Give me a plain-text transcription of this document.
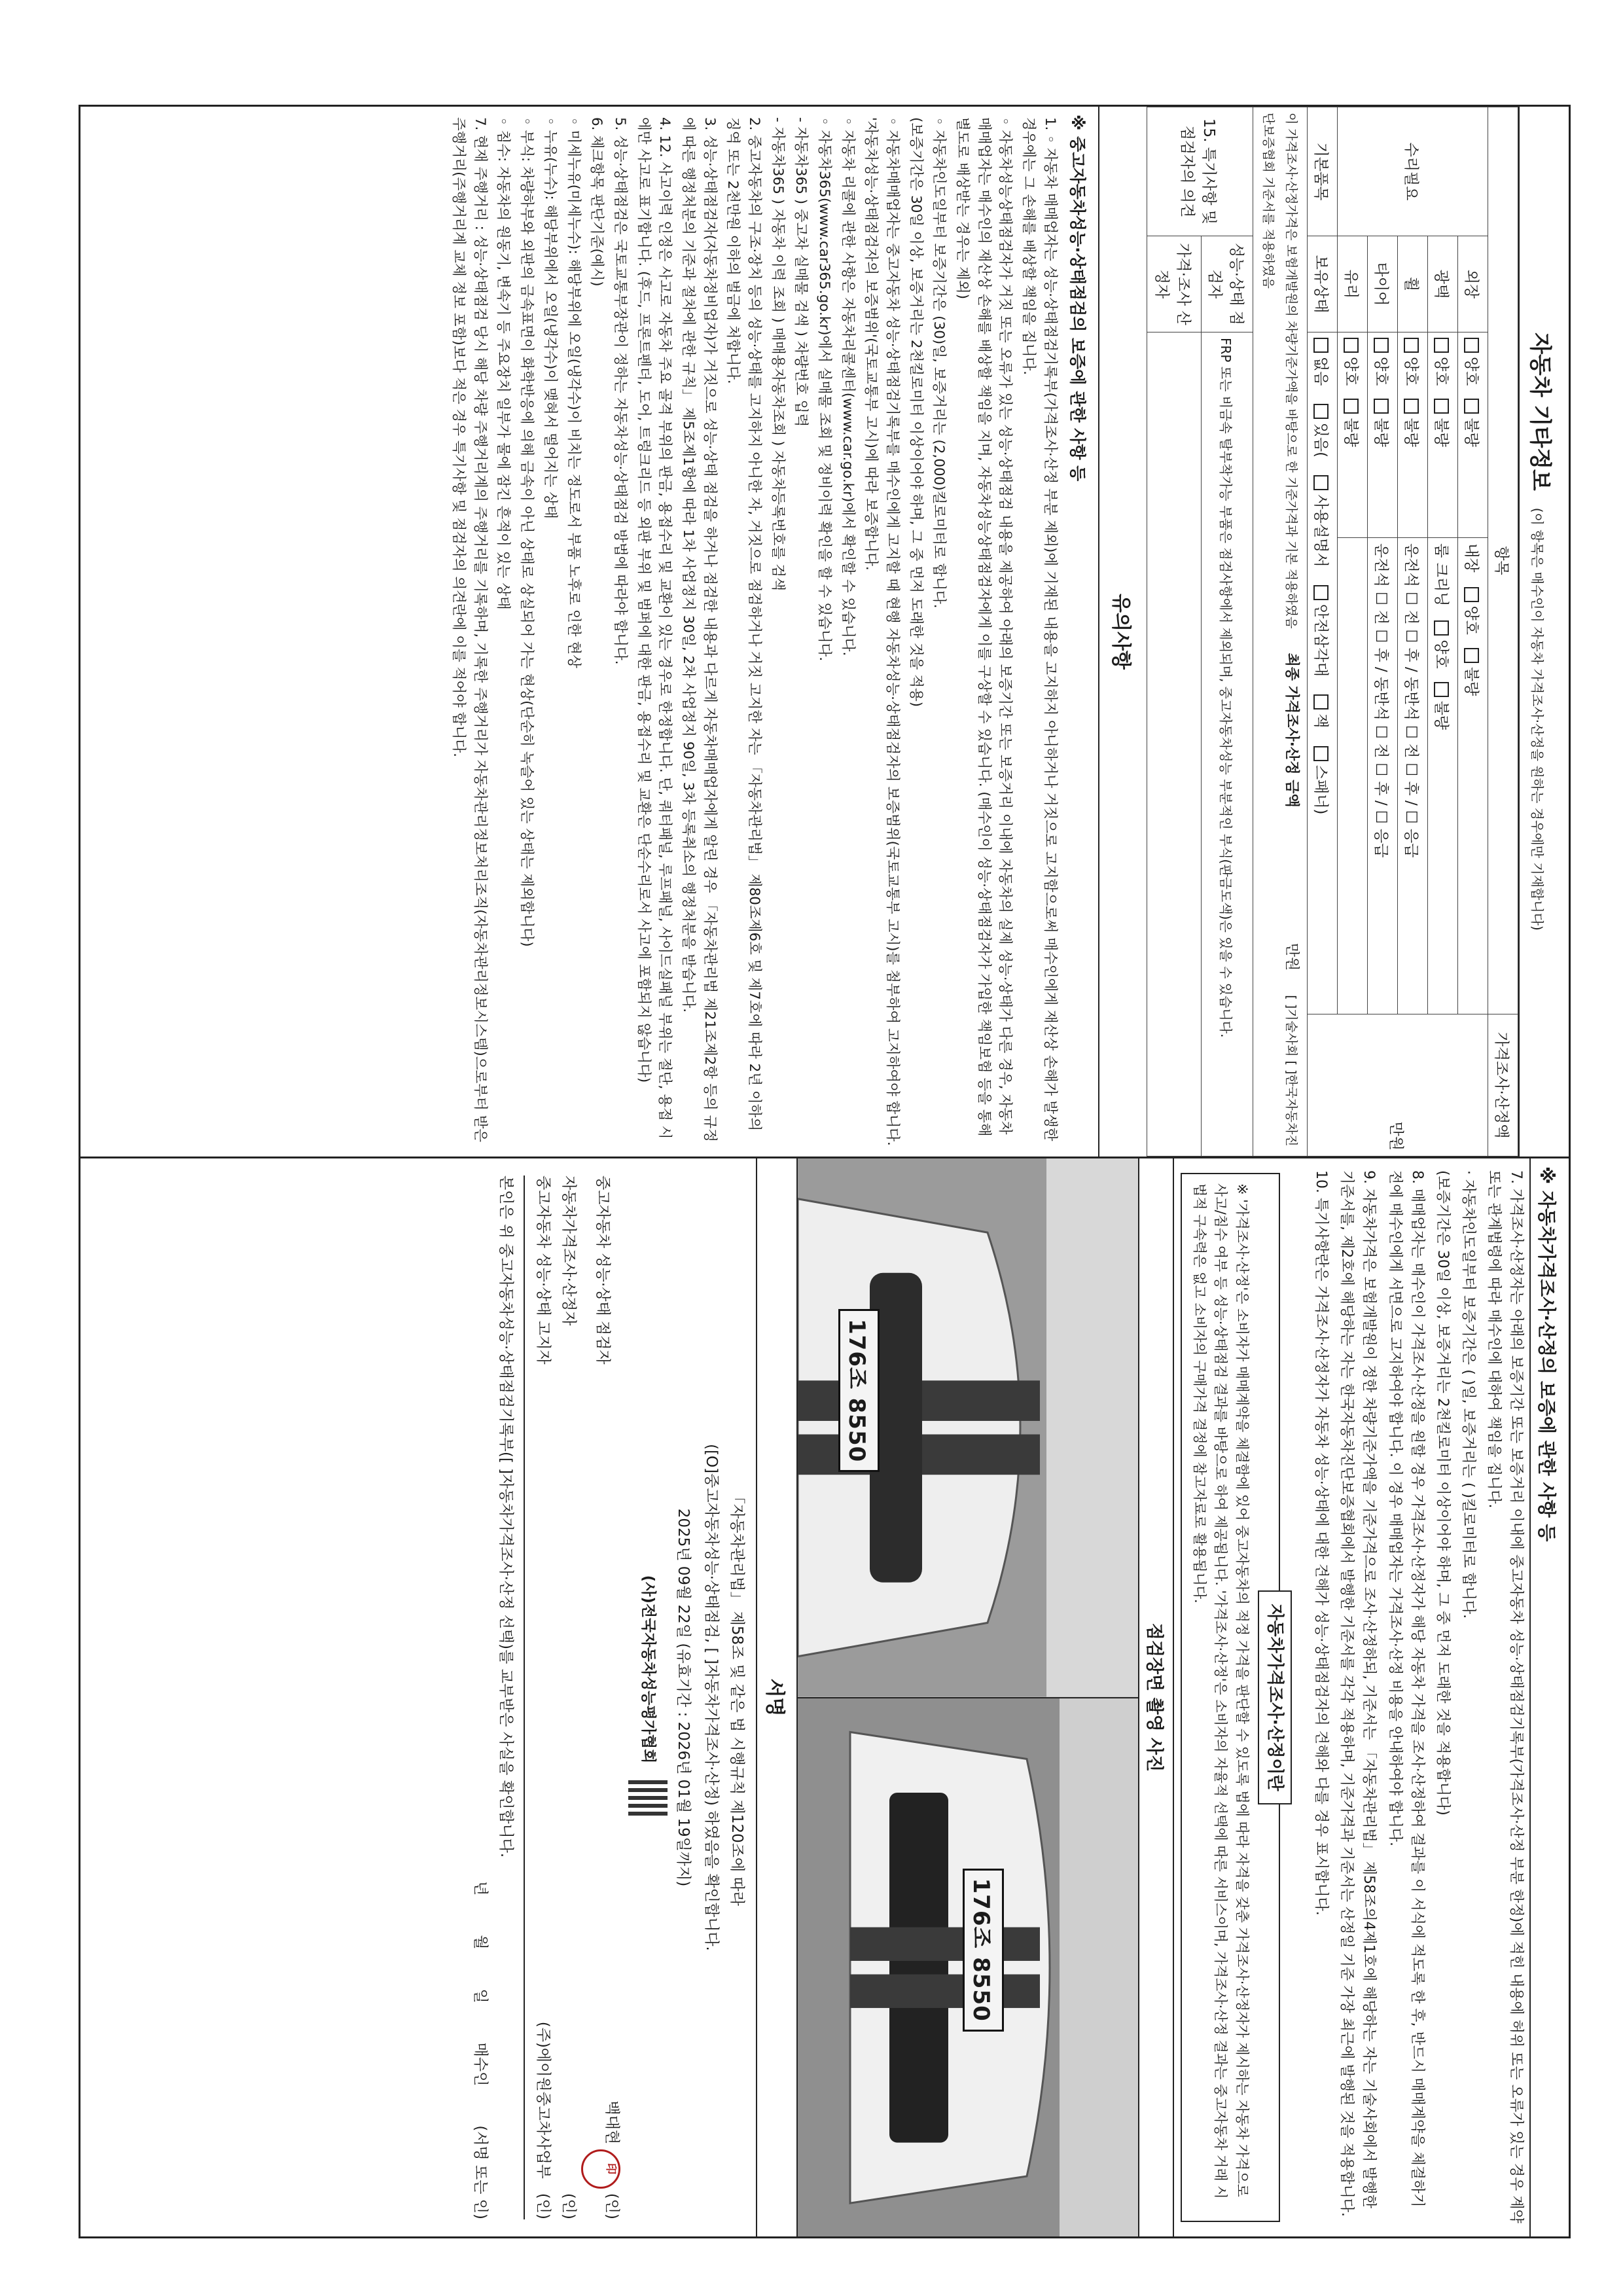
자동차 기타정보 (이 항목은 매수인이 자동차 가격조사·산정을 원하는 경우에만 기재합니다)
항목				가격조사·산정액
수리필요	외장	양호불량	내장   양호불량	만원
	광택	양호불량	룸 크리닝   양호불량	
	휠	양호불량	운전석 ☐ 전 ☐ 후 / 동반석 ☐ 전 ☐ 후 / ☐ 응급	
	타이어	양호불량	운전석 ☐ 전 ☐ 후 / 동반석 ☐ 전 ☐ 후 / ☐ 응급	
	유리	양호불량		
기본품목	보유상태	없음 있음( 사용설명서 안전삼각대 잭 스패너)		
이 가격조사·산정가격은 보험개발원의 차량기준가액을 바탕으로 한 기준가격과 기본 적용하였음 최종 가격조사·산정 금액 만원 [ ]기술사회 [ ]한국자동차진단보증협회 기준서를 적용하였음				
15. 특기사항 및 점검자의 의견	성능·상태 점검자	FRP 또는 비금속 탈부착가능 부품은 점검사항에서 제외되며, 중고자동차성능 부분적인 부식(판금도색)은 있을 수 있습니다.		
	가격·조사 산정자			
유의사항
※ 중고자동차성능·상태점검의 보증에 관한 사항 등

1. ◦ 자동차 매매업자는 성능·상태점검기록부(가격조사·산정 부분 제외)에 기재된 내용을 고지하지 아니하거나 거짓으로 고지함으로써 매수인에게 재산상 손해가 발생한 경우에는 그 손해를 배상할 책임을 집니다.

◦ 자동차성능상태점검자가 거짓 또는 오류가 있는 성능·상태점검 내용을 제공하여 아래의 보증기간 또는 보증거리 이내에 자동차의 실제 성능·상태가 다른 경우, 자동차매매업자는 매수인의 재산상 손해를 배상할 책임을 지며, 자동차성능상태점검자에게 이를 구상할 수 있습니다. (매수인이 성능·상태점검자가 가입한 책임보험 등을 통해 별도로 배상받는 경우는 제외)

◦ 자동차인도일부터 보증기간은 (30)일, 보증거리는 (2,000)킬로미터로 합니다.

(보증기간은 30일 이상, 보증거리는 2천킬로미터 이상이어야 하며, 그 중 먼저 도래한 것을 적용)

◦ 자동차매매업자는 중고자동차 성능·상태점검기록부를 매수인에게 고지할 때 현행 자동차성능·상태점검자의 보증범위(국토교통부 고시)를 첨부하여 고지하여야 합니다. '자동차성능·상태점검자의 보증범위'(국토교통부 고시)에 따라 보증합니다.

◦ 자동차 리콜에 관한 사항은 자동차리콜센터(www.car.go.kr)에서 확인할 수 있습니다.

◦ 자동차365(www.car365.go.kr)에서 실매물 조회 및 정비이력 확인을 할 수 있습니다.

- 자동차365 ) 중고차 실매물 검색 ) 차량번호 입력

- 자동차365 ) 자동차 이력 조회 ) 매매용자동차조회 ) 자동차등록번호를 검색

2. 중고자동차의 구조·장치 등의 성능·상태를 고지하지 아니한 자, 거짓으로 점검하거나 거짓 고지한 자는 「자동차관리법」 제80조제6호 및 제7호에 따라 2년 이하의 징역 또는 2천만원 이하의 벌금에 처합니다.

3. 성능·상태점검자(자동차정비업자)가 거짓으로 성능·상태 점검을 하거나 점검한 내용과 다르게 자동차매매업자에게 알린 경우 「자동차관리법 제21조제2항 등의 규정에 따른 행정처분의 기준과 절차에 관한 규칙」 제5조제1항에 따라 1차 사업정지 30일, 2차 사업정지 90일, 3차 등록취소의 행정처분을 받습니다.

4. 12. 사고이력 인정은 사고로 자동차 주요 골격 부위의 판금, 용접수리 및 교환이 있는 경우로 한정합니다. 단, 쿼터패널, 루프패널, 사이드실패널 부위는 절단, 용접 시에만 사고로 표기합니다. (후드, 프론트펜더, 도어, 트렁크리드 등 외판 부위 및 범퍼에 대한 판금, 용접수리 및 교환은 단순수리로서 사고에 포함되지 않습니다)

5. 성능·상태점검은 국토교통부장관이 정하는 자동차성능·상태점검 방법에 따라야 합니다.

6. 체크항목 판단기준(예시)

◦ 미세누유(미세누수): 해당부위에 오일(냉각수)이 비치는 정도로서 부품 노후로 인한 현상

◦ 누유(누수): 해당부위에서 오일(냉각수)이 맺혀서 떨어지는 상태

◦ 부식: 차량하부와 외판의 금속표면이 화학반응에 의해 금속이 아닌 상태로 상실되어 가는 현상(단순히 녹슬어 있는 상태는 제외합니다)

◦ 침수: 자동차의 원동기, 변속기 등 주요장치 일부가 물에 잠긴 흔적이 있는 상태

7. 현재 주행거리 : 성능·상태점검 당시 해당 차량 주행거리계의 주행거리를 기록하며, 기록한 주행거리가 자동차관리정보처리조직(자동차관리정보시스템)으로부터 받은 주행거리(주행거리계 교체 정보 포함)보다 적은 경우 특기사항 및 점검자의 의견란에 이를 적어야 합니다.

※ 자동차가격조사·산정의 보증에 관한 사항 등

7. 가격조사·산정자는 아래의 보증기간 또는 보증거리 이내에 중고자동차 성능·상태점검기록부(가격조사·산정 부분 한정)에 적힌 내용에 허위 또는 오류가 있는 경우 계약 또는 관계법령에 따라 매수인에 대하여 책임을 집니다.

· 자동차인도일부터 보증기간은 ( )일, 보증거리는 ( )킬로미터로 합니다.

(보증기간은 30일 이상, 보증거리는 2천킬로미터 이상이어야 하며, 그 중 먼저 도래한 것을 적용합니다)

8. 매매업자는 매수인이 가격조사·산정을 원할 경우 가격조사·산정자가 해당 자동차 가격을 조사·산정하여 결과를 이 서식에 적도록 한 후, 반드시 매매계약을 체결하기 전에 매수인에게 서면으로 고지하여야 합니다. 이 경우 매매업자는 가격조사·산정 비용을 안내하여야 합니다.

9. 자동차가격은 보험개발원이 정한 차량기준가액을 기준가격으로 조사·산정하되, 기준서는 「자동차관리법」 제58조의4제1호에 해당하는 자는 기술사회에서 발행한 기준서를, 제2호에 해당하는 자는 한국자동차진단보증협회에서 발행한 기준서를 각각 적용하며, 기준가격과 기준서는 산정일 기준 가장 최근에 발행된 것을 적용합니다.

10. 특기사항란은 가격조사·산정자가 자동차 성능·상태에 대한 견해가 성능·상태점검자의 견해와 다를 경우 표시합니다.

자동차가격조사·산정이란
※ '가격조사·산정'은 소비자가 매매계약을 체결함에 있어 중고자동차의 적정 가격을 판단할 수 있도록 법에 따라 자격을 갖춘 가격조사·산정자가 제시하는 자동차 가격으로 사고/침수 여부 등 성능·상태점검 결과를 바탕으로 하여 제공됩니다. '가격조사·산정'은 소비자의 자율적 선택에 따른 서비스이며, 가격조사·산정 결과는 중고자동차 거래 시 법적 구속력은 없고 소비자의 구매가격 결정에 참고자료로 활용됩니다.
점검장면 촬영 사진
176조 8550
176조 8550
서명
「자동차관리법」 제58조 및 같은 법 시행규칙 제120조에 따라
([O]중고자동차성능·상태점검, [ ]자동차가격조사·산정) 하였음을 확인합니다.
2025년 09월 22일 (유효기간 : 2026년 01월 19일까지)
(사)전국자동차성능평가협회
중고자동차 성능·상태 점검자
백대현 印 (인)
자동차가격조사·산정자
(인)
중고자동차 성능·상태 고지자
(주)에이원중고차사업부   (인)
본인은 위 중고자동차성능·상태점검기록부([ ]자동차가격조사·산정 선택)를 교부받은 사실을 확인합니다.
년
월
일
매수인
(서명 또는 인)
